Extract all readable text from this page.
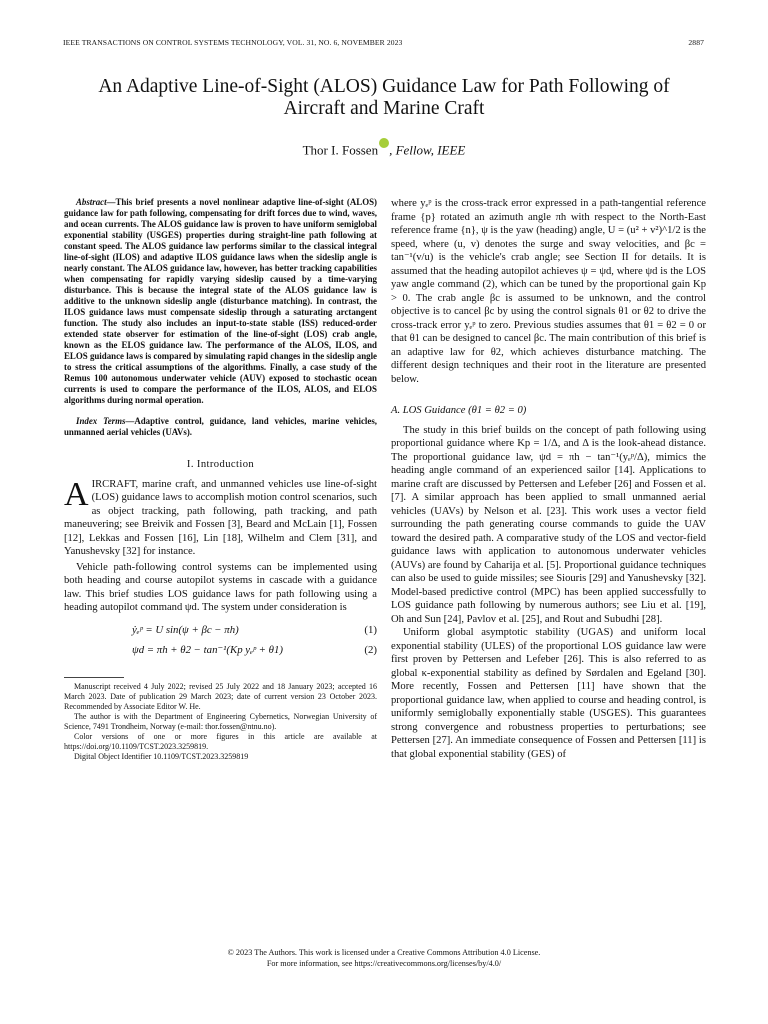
IEEE TRANSACTIONS ON CONTROL SYSTEMS TECHNOLOGY, VOL. 31, NO. 6, NOVEMBER 2023	2887
An Adaptive Line-of-Sight (ALOS) Guidance Law for Path Following of Aircraft and Marine Craft
Thor I. Fossen , Fellow, IEEE

Abstract—This brief presents a novel nonlinear adaptive line-of-sight (ALOS) guidance law for path following, compensating for drift forces due to wind, waves, and ocean currents. The ALOS guidance law is proven to have uniform semiglobal exponential stability (USGES) properties during straight-line path following at constant speed. The ALOS guidance law performs similar to the classical integral line-of-sight (ILOS) and adaptive ILOS guidance laws when the sideslip angle is nearly constant. The ALOS guidance law, however, has better tracking capabilities when compensating for rapidly varying sideslip caused by a time-varying disturbance. This is because the integral state of the ALOS guidance law is additive to the unknown sideslip angle (disturbance matching). In contrast, the ILOS guidance laws must compensate sideslip through a saturating arctangent function. The study also includes an input-to-state stable (ISS) reduced-order extended state observer for estimation of the line-of-sight (LOS) crab angle, known as the ELOS guidance law. The performance of the ALOS, ILOS, and ELOS guidance laws is compared by simulating rapid changes in the sideslip angle to stress the critical assumptions of the algorithms. Finally, a case study of the Remus 100 autonomous underwater vehicle (AUV) exposed to stochastic ocean currents is used to compare the performance of the ILOS, ALOS, and ELOS algorithms during normal operation.

Index Terms—Adaptive control, guidance, land vehicles, marine vehicles, unmanned aerial vehicles (UAVs).

I. Introduction

AIRCRAFT, marine craft, and unmanned vehicles use line-of-sight (LOS) guidance laws to accomplish motion control scenarios, such as object tracking, path following, path tracking, and path maneuvering; see Breivik and Fossen [3], Beard and McLain [1], Fossen [12], Lekkas and Fossen [16], Lin [18], Wilhelm and Clem [31], and Yanushevsky [32] for instance.

Vehicle path-following control systems can be implemented using both heading and course autopilot systems in cascade with a guidance law. This brief studies LOS guidance laws for path following using a heading autopilot command ψd. The system under consideration is

ẏₑᵖ = U sin(ψ + βc − πh)	(1)
ψd = πh + θ2 − tan⁻¹(Kp yₑᵖ + θ1)	(2)

Manuscript received 4 July 2022; revised 25 July 2022 and 18 January 2023; accepted 16 March 2023. Date of publication 29 March 2023; date of current version 23 October 2023. Recommended by Associate Editor W. He.

The author is with the Department of Engineering Cybernetics, Norwegian University of Science, 7491 Trondheim, Norway (e-mail: thor.fossen@ntnu.no).

Color versions of one or more figures in this article are available at https://doi.org/10.1109/TCST.2023.3259819.

Digital Object Identifier 10.1109/TCST.2023.3259819

where yₑᵖ is the cross-track error expressed in a path-tangential reference frame {p} rotated an azimuth angle πh with respect to the North-East reference frame {n}, ψ is the yaw (heading) angle, U = (u² + v²)^1/2 is the speed, where (u, v) denotes the surge and sway velocities, and βc = tan⁻¹(v/u) is the vehicle's crab angle; see Section II for details. It is assumed that the heading autopilot achieves ψ = ψd, where ψd is the LOS yaw angle command (2), which can be tuned by the proportional gain Kp > 0. The crab angle βc is assumed to be unknown, and the control objective is to cancel βc by using the control signals θ1 or θ2 to drive the cross-track error yₑᵖ to zero. Previous studies assumes that θ1 = θ2 = 0 or that θ1 can be designed to cancel βc. The main contribution of this brief is an adaptive law for θ2, which achieves disturbance matching. The different design techniques and their root in the literature are presented below.

A. LOS Guidance (θ1 = θ2 = 0)

The study in this brief builds on the concept of path following using proportional guidance where Kp = 1/Δ, and Δ is the look-ahead distance. The proportional guidance law, ψd = πh − tan⁻¹(yₑᵖ/Δ), mimics the heading angle command of an experienced sailor [14]. Applications to marine craft are discussed by Pettersen and Lefeber [26] and Fossen et al. [7]. A similar approach has been applied to small unmanned aerial vehicles (UAVs) by Nelson et al. [23]. This work uses a vector field surrounding the path generating course commands to guide the UAV toward the desired path. A comparative study of the LOS and vector-field guidance laws with application to autonomous underwater vehicles (AUVs) are found by Caharija et al. [5]. Proportional guidance techniques can also be used to guide missiles; see Siouris [29] and Yanushevsky [32]. Model-based predictive control (MPC) has been applied successfully to LOS guidance path following by numerous authors; see Liu et al. [19], Oh and Sun [24], Pavlov et al. [25], and Rout and Subudhi [28].

Uniform global asymptotic stability (UGAS) and uniform local exponential stability (ULES) of the proportional LOS guidance law were first proven by Pettersen and Lefeber [26]. This is also referred to as global κ-exponential stability as defined by Sørdalen and Egeland [30]. More recently, Fossen and Pettersen [11] have shown that the proportional guidance law, when applied to course and heading control, is uniformly semiglobally exponentially stable (USGES). This guarantees strong convergence and robustness properties to perturbations; see Pettersen [27]. An immediate consequence of Fossen and Pettersen [11] is that global exponential stability (GES) of

© 2023 The Authors. This work is licensed under a Creative Commons Attribution 4.0 License.
For more information, see https://creativecommons.org/licenses/by/4.0/
